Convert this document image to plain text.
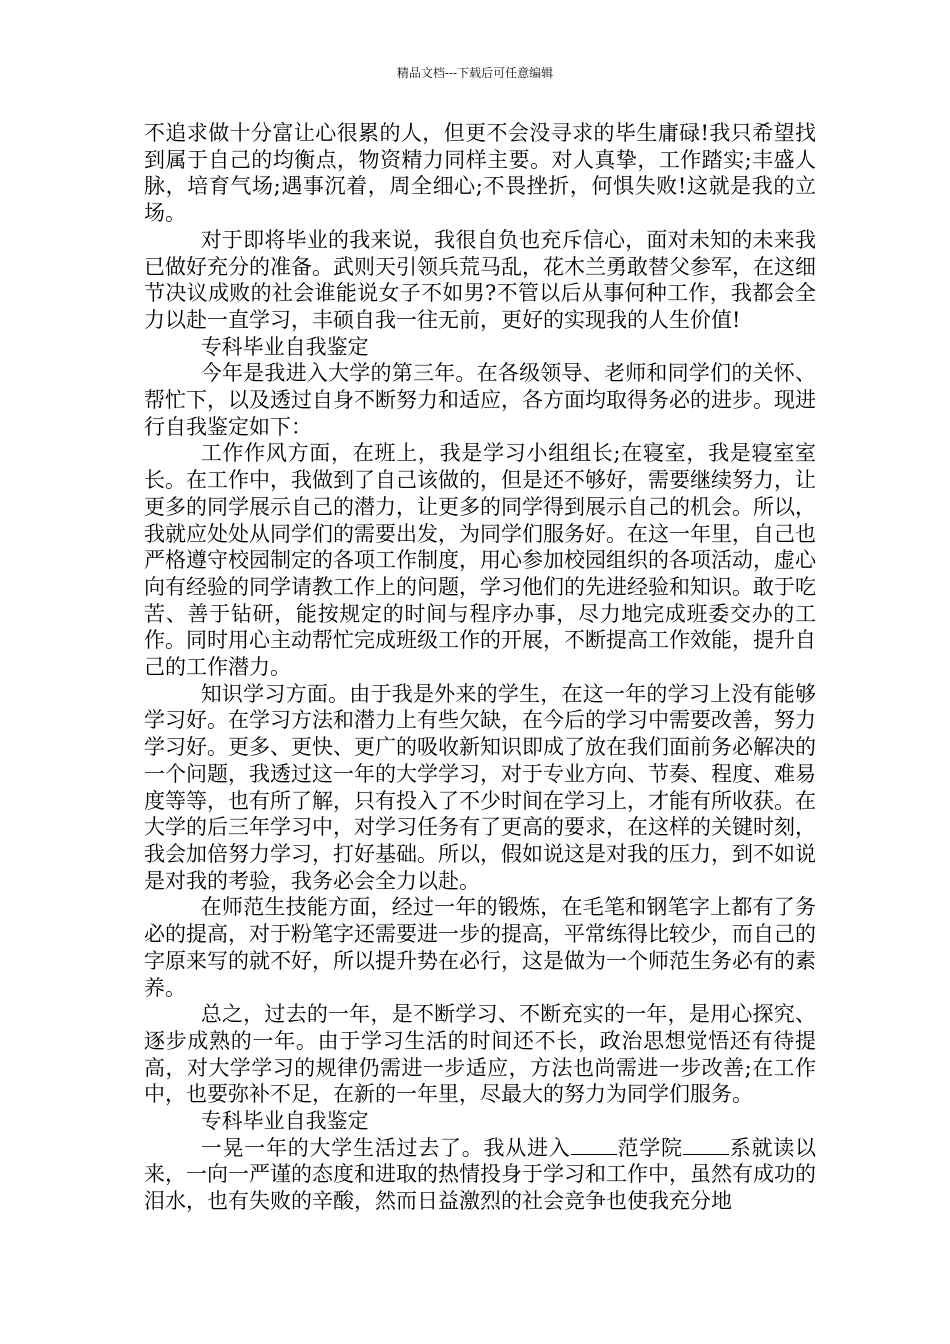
精品文档---下载后可任意编辑

不追求做十分富让心很累的人，但更不会没寻求的毕生庸碌!我只希望找到属于自己的均衡点，物资精力同样主要。对人真挚，工作踏实;丰盛人脉，培育气场;遇事沉着，周全细心;不畏挫折，何惧失败!这就是我的立场。

对于即将毕业的我来说，我很自负也充斥信心，面对未知的未来我已做好充分的准备。武则天引领兵荒马乱，花木兰勇敢替父参军，在这细节决议成败的社会谁能说女子不如男?不管以后从事何种工作，我都会全力以赴一直学习，丰硕自我一往无前，更好的实现我的人生价值!

专科毕业自我鉴定

今年是我进入大学的第三年。在各级领导、老师和同学们的关怀、帮忙下，以及透过自身不断努力和适应，各方面均取得务必的进步。现进行自我鉴定如下：

工作作风方面，在班上，我是学习小组组长;在寝室，我是寝室室长。在工作中，我做到了自己该做的，但是还不够好，需要继续努力，让更多的同学展示自己的潜力，让更多的同学得到展示自己的机会。所以，我就应处处从同学们的需要出发，为同学们服务好。在这一年里，自己也严格遵守校园制定的各项工作制度，用心参加校园组织的各项活动，虚心向有经验的同学请教工作上的问题，学习他们的先进经验和知识。敢于吃苦、善于钻研，能按规定的时间与程序办事，尽力地完成班委交办的工作。同时用心主动帮忙完成班级工作的开展，不断提高工作效能，提升自己的工作潜力。

知识学习方面。由于我是外来的学生，在这一年的学习上没有能够学习好。在学习方法和潜力上有些欠缺，在今后的学习中需要改善，努力学习好。更多、更快、更广的吸收新知识即成了放在我们面前务必解决的一个问题，我透过这一年的大学学习，对于专业方向、节奏、程度、难易度等等，也有所了解，只有投入了不少时间在学习上，才能有所收获。在大学的后三年学习中，对学习任务有了更高的要求，在这样的关键时刻，我会加倍努力学习，打好基础。所以，假如说这是对我的压力，到不如说是对我的考验，我务必会全力以赴。

在师范生技能方面，经过一年的锻炼，在毛笔和钢笔字上都有了务必的提高，对于粉笔字还需要进一步的提高，平常练得比较少，而自己的字原来写的就不好，所以提升势在必行，这是做为一个师范生务必有的素养。

总之，过去的一年，是不断学习、不断充实的一年，是用心探究、逐步成熟的一年。由于学习生活的时间还不长，政治思想觉悟还有待提高，对大学学习的规律仍需进一步适应，方法也尚需进一步改善;在工作中，也要弥补不足，在新的一年里，尽最大的努力为同学们服务。

专科毕业自我鉴定

一晃一年的大学生活过去了。我从进入 范学院 系就读以来，一向一严谨的态度和进取的热情投身于学习和工作中，虽然有成功的泪水，也有失败的辛酸，然而日益激烈的社会竞争也使我充分地
